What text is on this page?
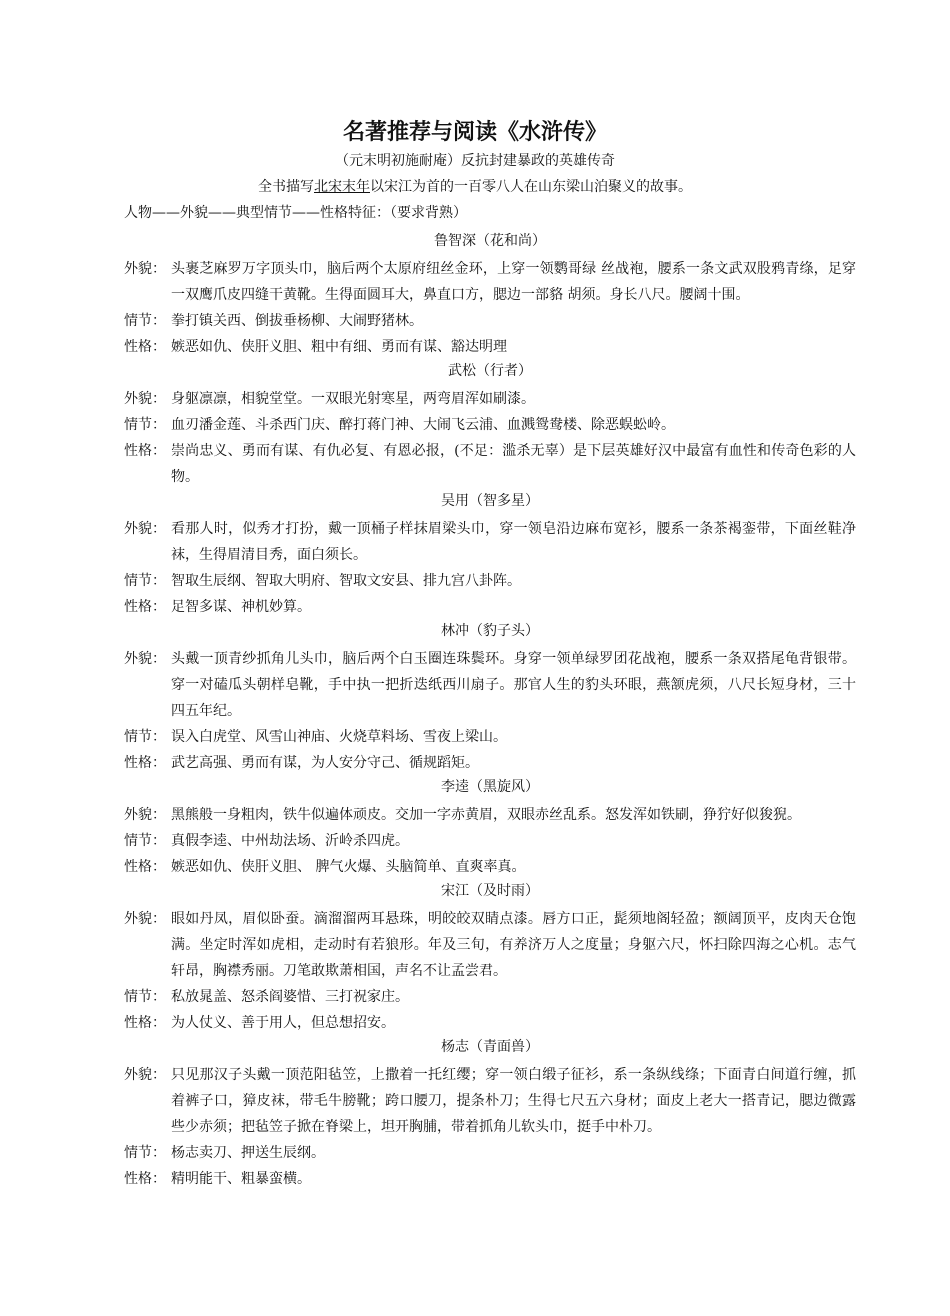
名著推荐与阅读《水浒传》
（元末明初施耐庵）反抗封建暴政的英雄传奇
全书描写北宋末年以宋江为首的一百零八人在山东梁山泊聚义的故事。
人物——外貌——典型情节——性格特征：（要求背熟）
鲁智深（花和尚）
外貌： 头裹芝麻罗万字顶头巾，脑后两个太原府纽丝金环，上穿一领鹦哥绿 丝战袍，腰系一条文武双股鸦青绦，足穿一双鹰爪皮四缝干黄靴。生得面圆耳大，鼻直口方，腮边一部貉 胡须。身长八尺。腰阔十围。
情节： 拳打镇关西、倒拔垂杨柳、大闹野猪林。
性格： 嫉恶如仇、侠肝义胆、粗中有细、勇而有谋、豁达明理
武松（行者）
外貌： 身躯凛凛，相貌堂堂。一双眼光射寒星，两弯眉浑如刷漆。
情节： 血刃潘金莲、斗杀西门庆、醉打蒋门神、大闹飞云浦、血溅鸳鸯楼、除恶蜈蚣岭。
性格： 崇尚忠义、勇而有谋、有仇必复、有恩必报，(不足：滥杀无辜）是下层英雄好汉中最富有血性和传奇色彩的人物。
吴用（智多星）
外貌： 看那人时，似秀才打扮，戴一顶桶子样抹眉梁头巾，穿一领皂沿边麻布宽衫，腰系一条茶褐銮带，下面丝鞋净袜，生得眉清目秀，面白须长。
情节： 智取生辰纲、智取大明府、智取文安县、排九宫八卦阵。
性格： 足智多谋、神机妙算。
林冲（豹子头）
外貌： 头戴一顶青纱抓角儿头巾，脑后两个白玉圈连珠鬓环。身穿一领单绿罗团花战袍，腰系一条双搭尾龟背银带。穿一对磕瓜头朝样皂靴，手中执一把折迭纸西川扇子。那官人生的豹头环眼，燕颔虎须，八尺长短身材，三十四五年纪。
情节： 误入白虎堂、风雪山神庙、火烧草料场、雪夜上梁山。
性格： 武艺高强、勇而有谋，为人安分守己、循规蹈矩。
李逵（黑旋风）
外貌： 黑熊般一身粗肉，铁牛似遍体顽皮。交加一字赤黄眉，双眼赤丝乱系。怒发浑如铁刷，狰狞好似狻猊。
情节： 真假李逵、中州劫法场、沂岭杀四虎。
性格： 嫉恶如仇、侠肝义胆、 脾气火爆、头脑简单、直爽率真。
宋江（及时雨）
外貌： 眼如丹凤，眉似卧蚕。滴溜溜两耳悬珠，明皎皎双睛点漆。唇方口正，髭须地阁轻盈；额阔顶平，皮肉天仓饱满。坐定时浑如虎相，走动时有若狼形。年及三旬，有养济万人之度量；身躯六尺，怀扫除四海之心机。志气轩昂，胸襟秀丽。刀笔敢欺萧相国，声名不让孟尝君。
情节： 私放晁盖、怒杀阎婆惜、三打祝家庄。
性格： 为人仗义、善于用人，但总想招安。
杨志（青面兽）
外貌： 只见那汉子头戴一顶范阳毡笠，上撒着一托红缨；穿一领白缎子征衫，系一条纵线绦；下面青白间道行缠，抓着裤子口，獐皮袜，带毛牛膀靴；跨口腰刀，提条朴刀；生得七尺五六身材；面皮上老大一搭青记，腮边微露些少赤须；把毡笠子掀在脊梁上，坦开胸脯，带着抓角儿软头巾，挺手中朴刀。
情节： 杨志卖刀、押送生辰纲。
性格： 精明能干、粗暴蛮横。
